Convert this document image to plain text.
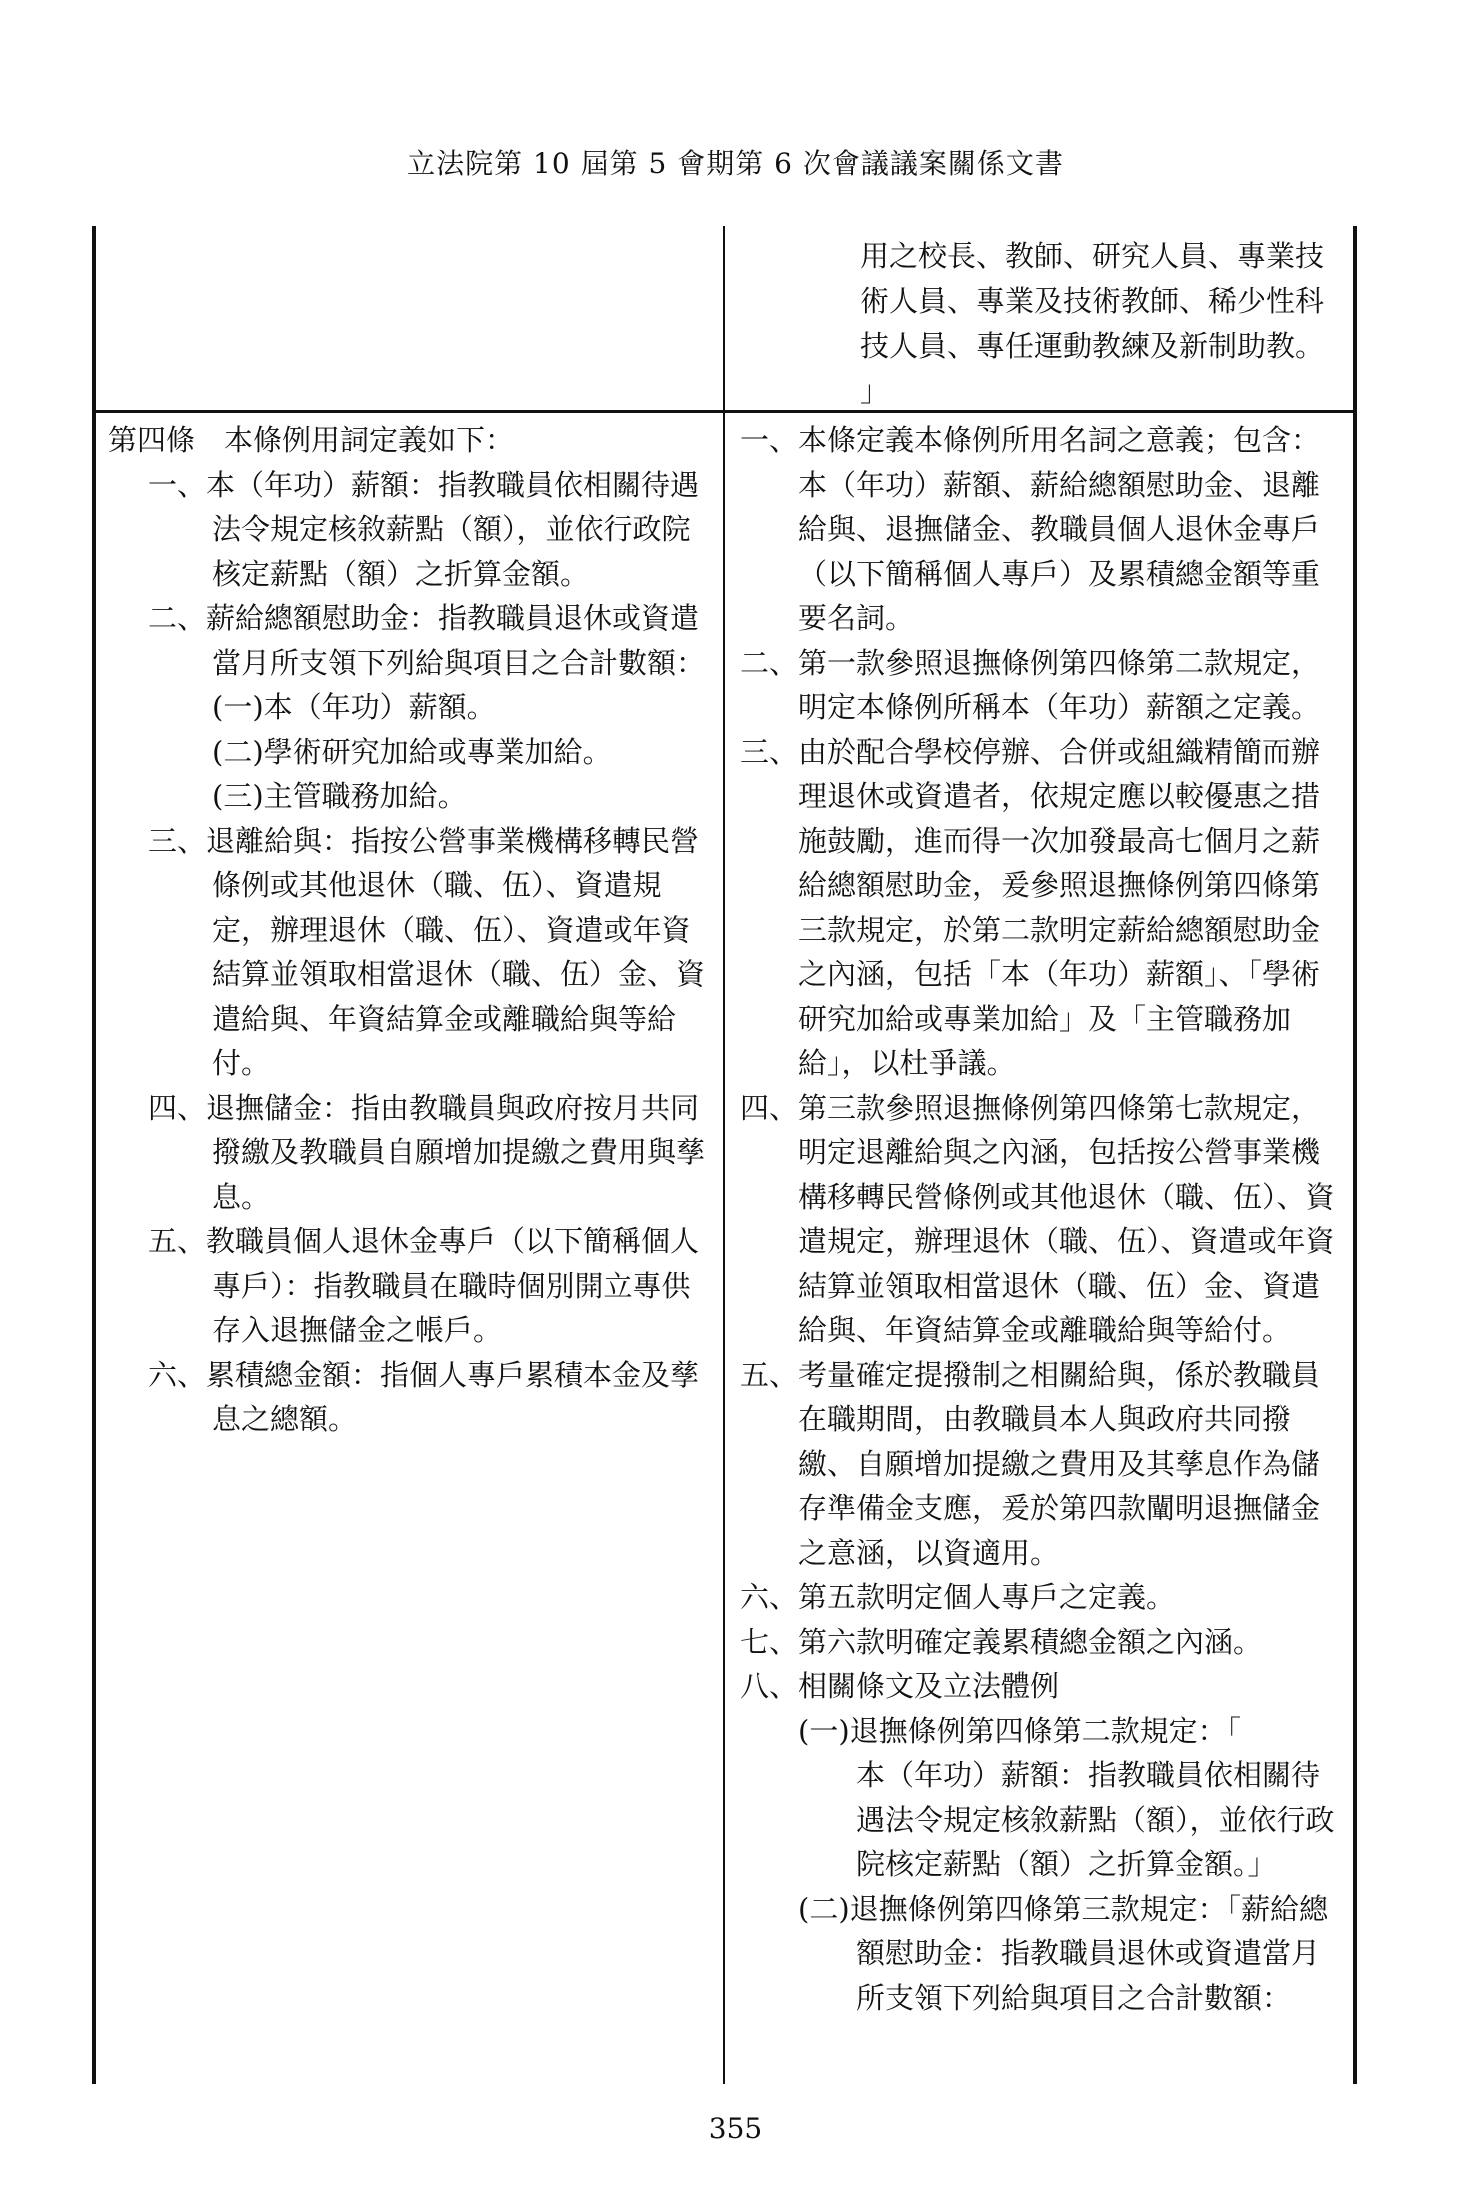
立法院第 10 屆第 5 會期第 6 次會議議案關係文書
用之校長、教師、研究人員、專業技
術人員、專業及技術教師、稀少性科
技人員、專任運動教練及新制助教。
」
第四條　本條例用詞定義如下：
一、本（年功）薪額：指教職員依相關待遇法令規定核敘薪點（額），並依行政院核定薪點（額）之折算金額。
二、薪給總額慰助金：指教職員退休或資遣當月所支領下列給與項目之合計數額：
(一)本（年功）薪額。
(二)學術研究加給或專業加給。
(三)主管職務加給。
三、退離給與：指按公營事業機構移轉民營條例或其他退休（職、伍）、資遣規定，辦理退休（職、伍）、資遣或年資結算並領取相當退休（職、伍）金、資遣給與、年資結算金或離職給與等給付。
四、退撫儲金：指由教職員與政府按月共同撥繳及教職員自願增加提繳之費用與孳息。
五、教職員個人退休金專戶（以下簡稱個人專戶）：指教職員在職時個別開立專供存入退撫儲金之帳戶。
六、累積總金額：指個人專戶累積本金及孳息之總額。
一、本條定義本條例所用名詞之意義；包含：本（年功）薪額、薪給總額慰助金、退離給與、退撫儲金、教職員個人退休金專戶（以下簡稱個人專戶）及累積總金額等重要名詞。
二、第一款參照退撫條例第四條第二款規定，明定本條例所稱本（年功）薪額之定義。
三、由於配合學校停辦、合併或組織精簡而辦理退休或資遣者，依規定應以較優惠之措施鼓勵，進而得一次加發最高七個月之薪給總額慰助金，爰參照退撫條例第四條第三款規定，於第二款明定薪給總額慰助金之內涵，包括「本（年功）薪額」、「學術研究加給或專業加給」及「主管職務加給」，以杜爭議。
四、第三款參照退撫條例第四條第七款規定，明定退離給與之內涵，包括按公營事業機構移轉民營條例或其他退休（職、伍）、資遣規定，辦理退休（職、伍）、資遣或年資結算並領取相當退休（職、伍）金、資遣給與、年資結算金或離職給與等給付。
五、考量確定提撥制之相關給與，係於教職員在職期間，由教職員本人與政府共同撥繳、自願增加提繳之費用及其孳息作為儲存準備金支應，爰於第四款闡明退撫儲金之意涵，以資適用。
六、第五款明定個人專戶之定義。
七、第六款明確定義累積總金額之內涵。
八、相關條文及立法體例
(一)退撫條例第四條第二款規定：「
本（年功）薪額：指教職員依相關待遇法令規定核敘薪點（額），並依行政院核定薪點（額）之折算金額。」
(二)退撫條例第四條第三款規定：「薪給總額慰助金：指教職員退休或資遣當月所支領下列給與項目之合計數額：
355
